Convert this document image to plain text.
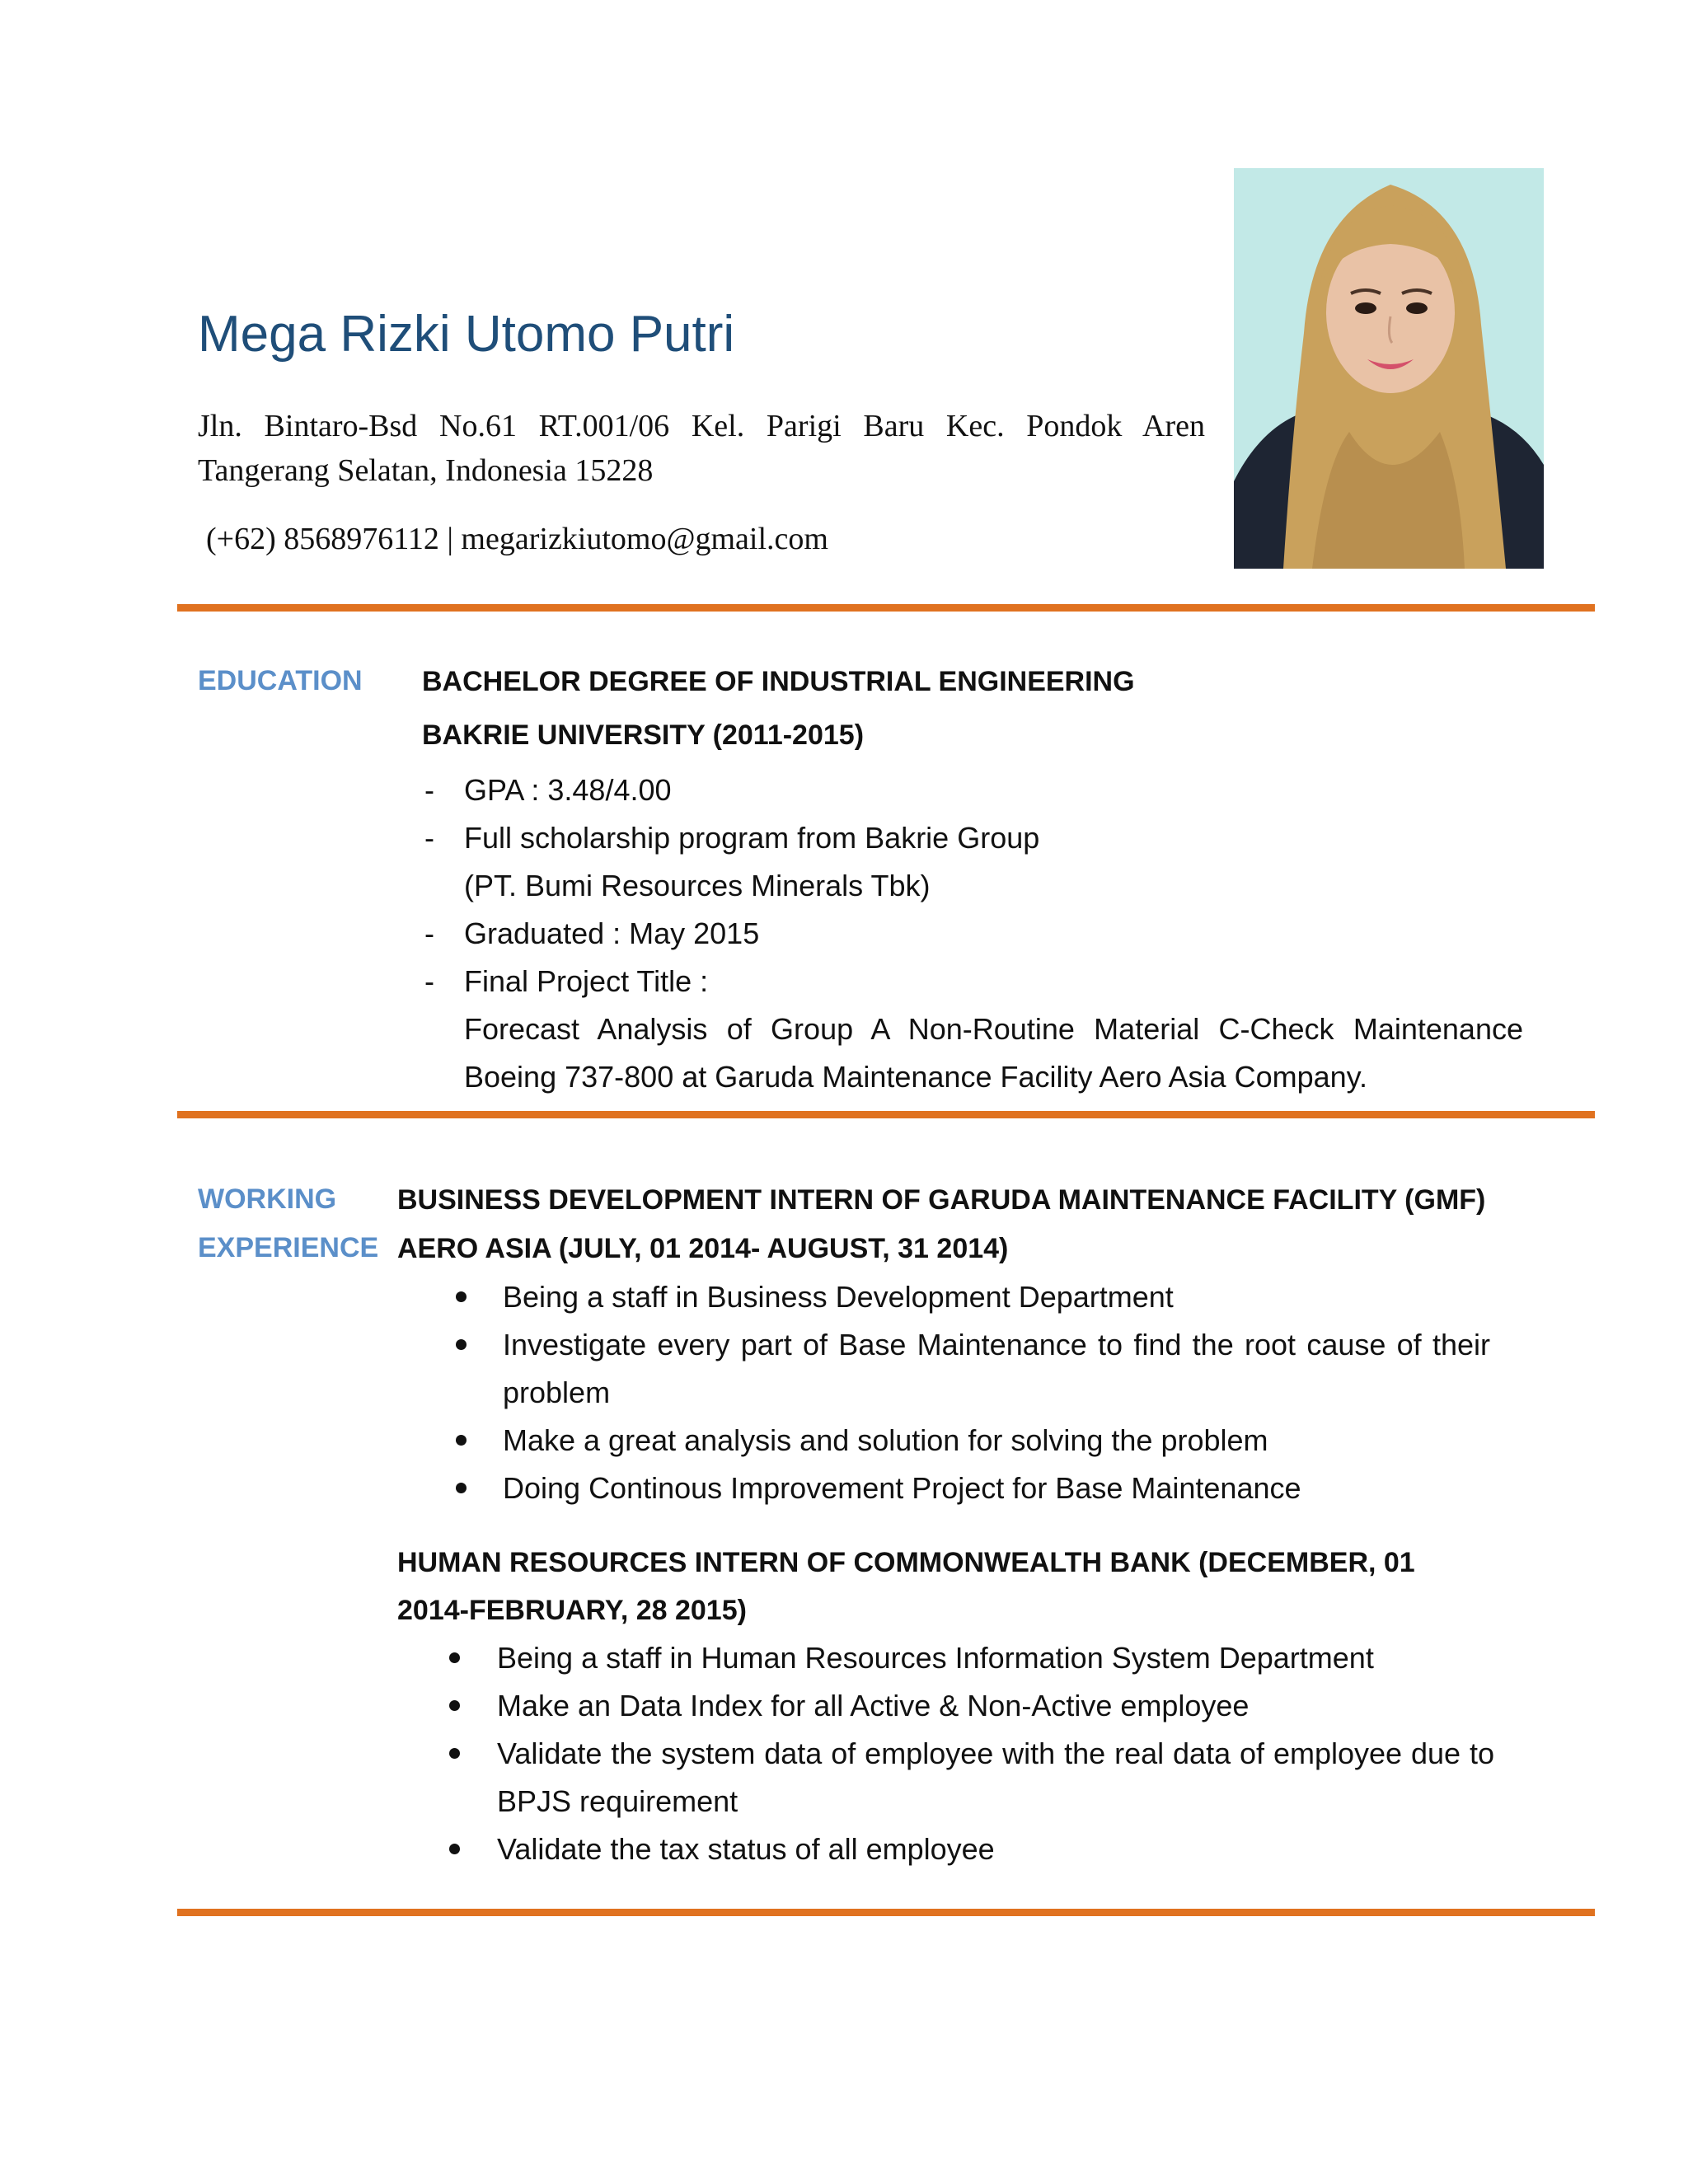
Mega Rizki Utomo Putri
Jln. Bintaro-Bsd No.61 RT.001/06 Kel. Parigi Baru Kec. Pondok Aren Tangerang Selatan, Indonesia 15228
(+62) 8568976112 | megarizkiutomo@gmail.com
EDUCATION BACHELOR DEGREE OF INDUSTRIAL ENGINEERING
BAKRIE UNIVERSITY (2011-2015)
- GPA : 3.48/4.00
- Full scholarship program from Bakrie Group
(PT. Bumi Resources Minerals Tbk)
- Graduated : May 2015
- Final Project Title :
Forecast Analysis of Group A Non-Routine Material C-Check Maintenance Boeing 737-800 at Garuda Maintenance Facility Aero Asia Company.
WORKING
EXPERIENCE
BUSINESS DEVELOPMENT INTERN OF GARUDA MAINTENANCE FACILITY (GMF)
AERO ASIA (JULY, 01 2014- AUGUST, 31 2014)
Being a staff in Business Development Department
Investigate every part of Base Maintenance to find the root cause of their problem
Make a great analysis and solution for solving the problem
Doing Continous Improvement Project for Base Maintenance
HUMAN RESOURCES INTERN OF COMMONWEALTH BANK (DECEMBER, 01
2014-FEBRUARY, 28 2015)
Being a staff in Human Resources Information System Department
Make an Data Index for all Active & Non-Active employee
Validate the system data of employee with the real data of employee due to BPJS requirement
Validate the tax status of all employee
